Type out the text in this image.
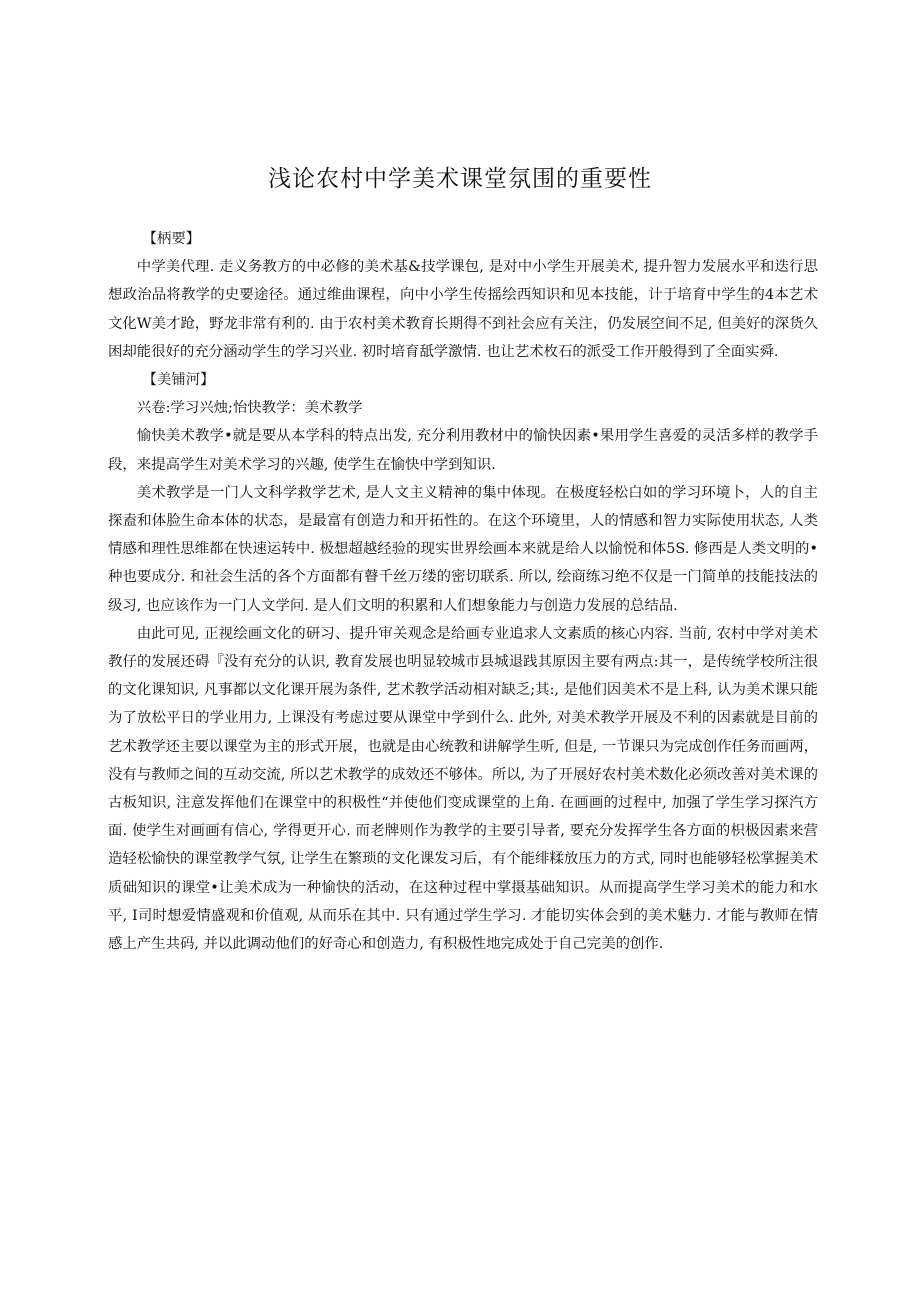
浅论农村中学美术课堂氛围的重要性

【柄要】

中学美代理. 走义务教方的中必修的美术基&技学课包, 是对中小学生开展美术, 提升智力发展水平和迭行思想政治品将教学的史要途径。通过维曲课程，向中小学生传摇绘西知识和见本技能，计于培育中学生的4本艺术文化W美才跄，野龙非常有利的. 由于农村美术教育长期得不到社会应有关注，仍发展空间不足, 但美好的深货久困却能很好的充分涵动学生的学习兴业. 初时培育舐学激情. 也让艺术枚石的派受工作开般得到了全面实舜.

【美铺河】

兴卷:学习兴烛;怡快教学：美术教学

愉快美术教学•就是要从本学科的特点出发, 充分利用教材中的愉快因素•果用学生喜爱的灵活多样的教学手段，来提高学生对美术学习的兴趣, 使学生在愉快中学到知识.

美术教学是一门人文科学救学艺术, 是人文主义精神的集中体现。在极度轻松白如的学习环境卜，人的自主探盍和体脸生命本体的状态，是最富有创造力和开拓性的。在这个环境里，人的情感和智力实际使用状态, 人类情感和理性思维都在快速运转中. 极想超越经验的现实世界绘画本来就是给人以愉悦和体5S. 修西是人类文明的•种也要成分. 和社会生活的各个方面都有瞽千丝万缕的密切联系. 所以, 绘商练习绝不仅是一门简单的技能技法的级习, 也应该作为一门人文学问. 是人们文明的积累和人们想象能力与创造力发展的总结品.

由此可见, 正视绘画文化的研习、提升审关观念是给画专业追求人文素质的核心内容. 当前, 农村中学对美术教仔的发展还碍『没有充分的认识, 教育发展也明显较城市县城退践其原因主要有两点:其一，是传统学校所注很的文化课知识, 凡事都以文化课开展为条件, 艺术教学活动相对缺乏;其:, 是他们因美术不是上科, 认为美术课只能为了放松平日的学业用力, 上课没有考虑过要从课堂中学到什么. 此外, 对美术教学开展及不利的因素就是目前的艺术教学还主要以课堂为主的形式开展，也就是由心统教和讲解学生听, 但是, 一节课只为完成创作任务而画两，没有与教师之间的互动交流, 所以艺术教学的成效还不够体。所以, 为了开展好农村美术数化必须改善对美术课的古板知识, 注意发挥他们在课堂中的积极性“并使他们变成课堂的上角. 在画画的过程中, 加强了学生学习探汽方面. 使学生对画画有信心, 学得更开心. 而老牌则作为教学的主要引导者, 要充分发挥学生各方面的枳极因素来营造轻松愉快的课堂教学气氛, 让学生在繁琐的文化课发习后，有个能绯糅放压力的方式, 同时也能够轻松掌握美术质础知识的课堂•让美术成为一种愉快的活动，在这种过程中掌摄基础知识。从而提高学生学习美术的能力和水平, I司时想爱情盛观和价值观, 从而乐在其中. 只有通过学生学习. 才能切实体会到的美术魅力. 才能与教师在情感上产生共码, 并以此调动他们的好奇心和创造力, 有积极性地完成处于自己完美的创作.
